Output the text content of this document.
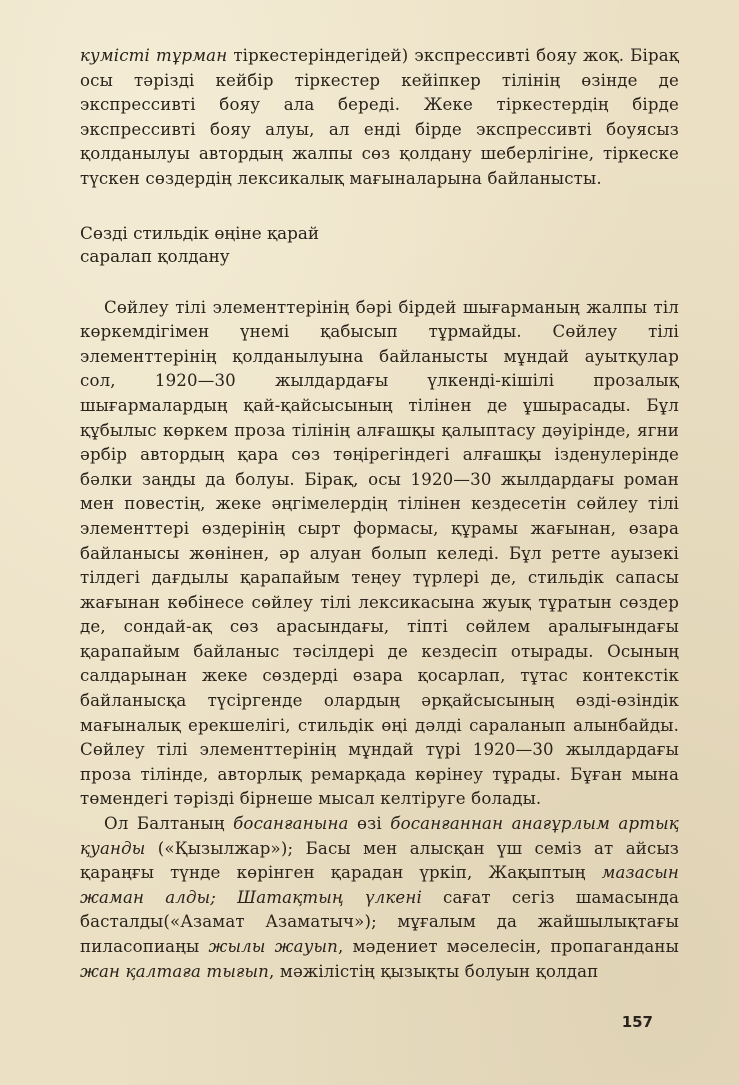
кумісті тұрман тіркестеріндегідей) экспрессивті бояу жоқ. Бірақ осы тәрізді кейбір тіркестер кейіпкер тілінің өзінде де экспрессивті бояу ала береді. Жеке тіркестердің бірде экспрессивті бояу алуы, ал енді бірде экспрессивті боуясыз қолданылуы автордың жалпы сөз қолдану шеберлігіне, тіркеске түскен сөздердің лексикалық мағыналарына байланысты.

Сөзді стильдік өңіне қарай
саралап қолдану

Сөйлеу тілі элементтерінің бәрі бірдей шығарманың жалпы тіл көркемдігімен үнемі қабысып тұрмайды. Сөйлеу тілі элементтерінің қолданылуына байланысты мұндай ауытқулар сол, 1920—30 жылдардағы үлкенді-кішілі прозалық шығармалардың қай-қайсысының тілінен де ұшырасады. Бұл құбылыс көркем проза тілінің алғашқы қалыптасу дәуірінде, ягни әрбір автордың қара сөз төңірегіндегі алғашқы ізденулерінде бәлки заңды да болуы. Бірақ, осы 1920—30 жылдардағы роман мен повестің, жеке әңгімелердің тілінен кездесетін сөйлеу тілі элементтері өздерінің сырт формасы, құрамы жағынан, өзара байланысы жөнінен, әр алуан болып келеді. Бұл ретте ауызекі тілдегі дағдылы қарапайым теңеу түрлері де, стильдік сапасы жағынан көбінесе сөйлеу тілі лексикасына жуық тұратын сөздер де, сондай-ақ сөз арасындағы, тіпті сөйлем аралығындағы қарапайым байланыс тәсілдері де кездесіп отырады. Осының салдарынан жеке сөздерді өзара қосарлап, тұтас контекстік байланысқа түсіргенде олардың әрқайсысының өзді-өзіндік мағыналық ерекшелігі, стильдік өңі дәлді сараланып алынбайды. Сөйлеу тілі элементтерінің мұндай түрі 1920—30 жылдардағы проза тілінде, авторлық ремарқада көрінеу тұрады. Бұған мына төмендегі тәрізді бірнеше мысал келтіруге болады.

Ол Балтаның босанғанына өзі босанғаннан анағұрлым артық қуанды («Қызылжар»); Басы мен алысқан үш семіз ат айсыз қараңғы түнде көрінген қарадан үркіп, Жақыптың мазасын жаман алды; Шатақтың үлкені сағат сегіз шамасында басталды(«Азамат Азаматыч»); мұғалым да жайшылықтағы пиласопиаңы жылы жауып, мәдениет мәселесін, пропаганданы жан қалтаға тығып, мәжілістің қызықты болуын қолдап

157
